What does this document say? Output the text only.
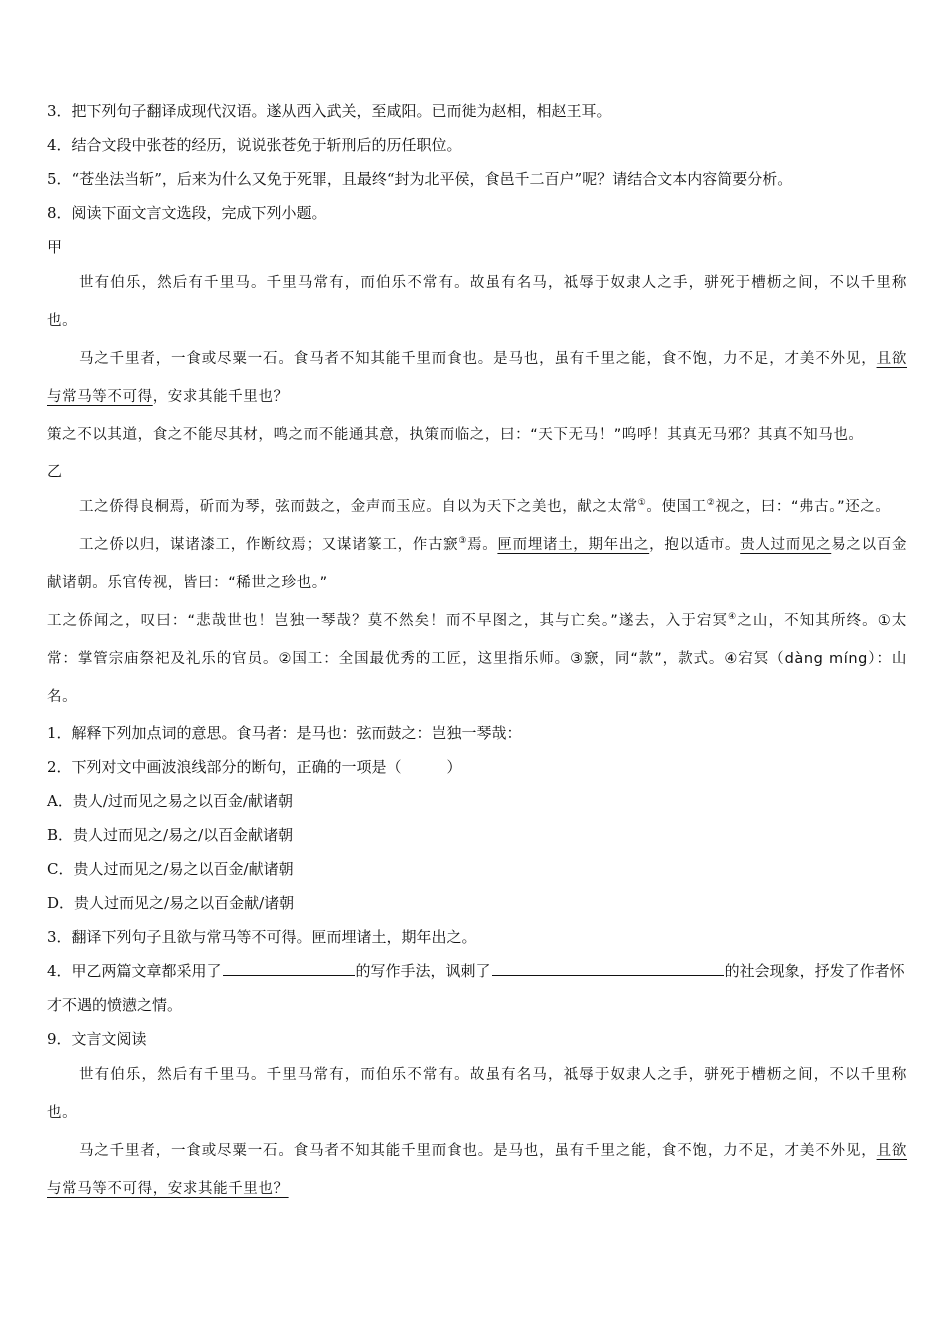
3．把下列句子翻译成现代汉语。遂从西入武关，至咸阳。已而徙为赵相，相赵王耳。

4．结合文段中张苍的经历，说说张苍免于斩刑后的历任职位。

5．“苍坐法当斩”，后来为什么又免于死罪，且最终“封为北平侯，食邑千二百户”呢？请结合文本内容简要分析。

8．阅读下面文言文选段，完成下列小题。

甲

世有伯乐，然后有千里马。千里马常有，而伯乐不常有。故虽有名马，祗辱于奴隶人之手，骈死于槽枥之间，不以千里称也。

马之千里者，一食或尽粟一石。食马者不知其能千里而食也。是马也，虽有千里之能，食不饱，力不足，才美不外见，且欲与常马等不可得，安求其能千里也？

策之不以其道，食之不能尽其材，鸣之而不能通其意，执策而临之，曰：“天下无马！”呜呼！其真无马邪？其真不知马也。

乙

工之侨得良桐焉，斫而为琴，弦而鼓之，金声而玉应。自以为天下之美也，献之太常①。使国工②视之，曰：“弗古。”还之。

工之侨以归，谋诸漆工，作断纹焉；又谋诸篆工，作古窾③焉。匣而埋诸土，期年出之，抱以适市。贵人过而见之易之以百金献诸朝。乐官传视，皆曰：“稀世之珍也。”

工之侨闻之，叹曰：“悲哉世也！岂独一琴哉？莫不然矣！而不早图之，其与亡矣。”遂去，入于宕冥④之山，不知其所终。①太常：掌管宗庙祭祀及礼乐的官员。②国工：全国最优秀的工匠，这里指乐师。③窾，同“款”，款式。④宕冥（dàng míng）：山名。

1．解释下列加点词的意思。食马者：是马也：弦而鼓之：岂独一琴哉：

2．下列对文中画波浪线部分的断句，正确的一项是（　　　）

A．贵人/过而见之易之以百金/献诸朝

B．贵人过而见之/易之/以百金献诸朝

C．贵人过而见之/易之以百金/献诸朝

D．贵人过而见之/易之以百金献/诸朝

3．翻译下列句子且欲与常马等不可得。匣而埋诸土，期年出之。

4．甲乙两篇文章都采用了	的写作手法，讽刺了	的社会现象，抒发了作者怀才不遇的愤懑之情。

9．文言文阅读

世有伯乐，然后有千里马。千里马常有，而伯乐不常有。故虽有名马，祗辱于奴隶人之手，骈死于槽枥之间，不以千里称也。

马之千里者，一食或尽粟一石。食马者不知其能千里而食也。是马也，虽有千里之能，食不饱，力不足，才美不外见，且欲与常马等不可得，安求其能千里也？
